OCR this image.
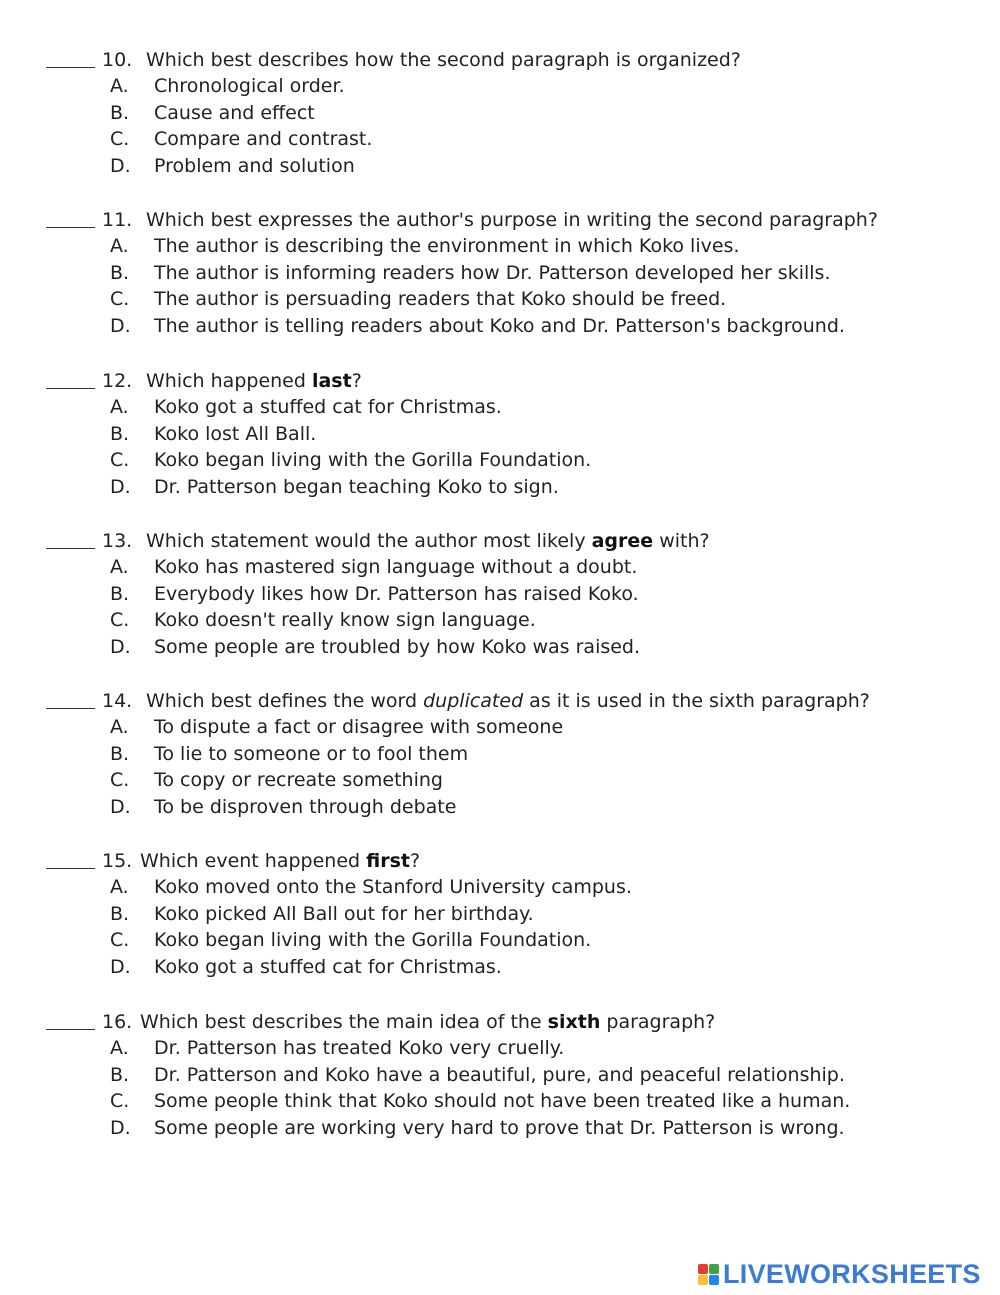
10. Which best describes how the second paragraph is organized?
A. Chronological order.
B. Cause and effect
C. Compare and contrast.
D. Problem and solution
11. Which best expresses the author's purpose in writing the second paragraph?
A. The author is describing the environment in which Koko lives.
B. The author is informing readers how Dr. Patterson developed her skills.
C. The author is persuading readers that Koko should be freed.
D. The author is telling readers about Koko and Dr. Patterson's background.
12. Which happened last?
A. Koko got a stuffed cat for Christmas.
B. Koko lost All Ball.
C. Koko began living with the Gorilla Foundation.
D. Dr. Patterson began teaching Koko to sign.
13. Which statement would the author most likely agree with?
A. Koko has mastered sign language without a doubt.
B. Everybody likes how Dr. Patterson has raised Koko.
C. Koko doesn't really know sign language.
D. Some people are troubled by how Koko was raised.
14. Which best defines the word duplicated as it is used in the sixth paragraph?
A. To dispute a fact or disagree with someone
B. To lie to someone or to fool them
C. To copy or recreate something
D. To be disproven through debate
15. Which event happened first?
A. Koko moved onto the Stanford University campus.
B. Koko picked All Ball out for her birthday.
C. Koko began living with the Gorilla Foundation.
D. Koko got a stuffed cat for Christmas.
16. Which best describes the main idea of the sixth paragraph?
A. Dr. Patterson has treated Koko very cruelly.
B. Dr. Patterson and Koko have a beautiful, pure, and peaceful relationship.
C. Some people think that Koko should not have been treated like a human.
D. Some people are working very hard to prove that Dr. Patterson is wrong.
LIVEWORKSHEETS
